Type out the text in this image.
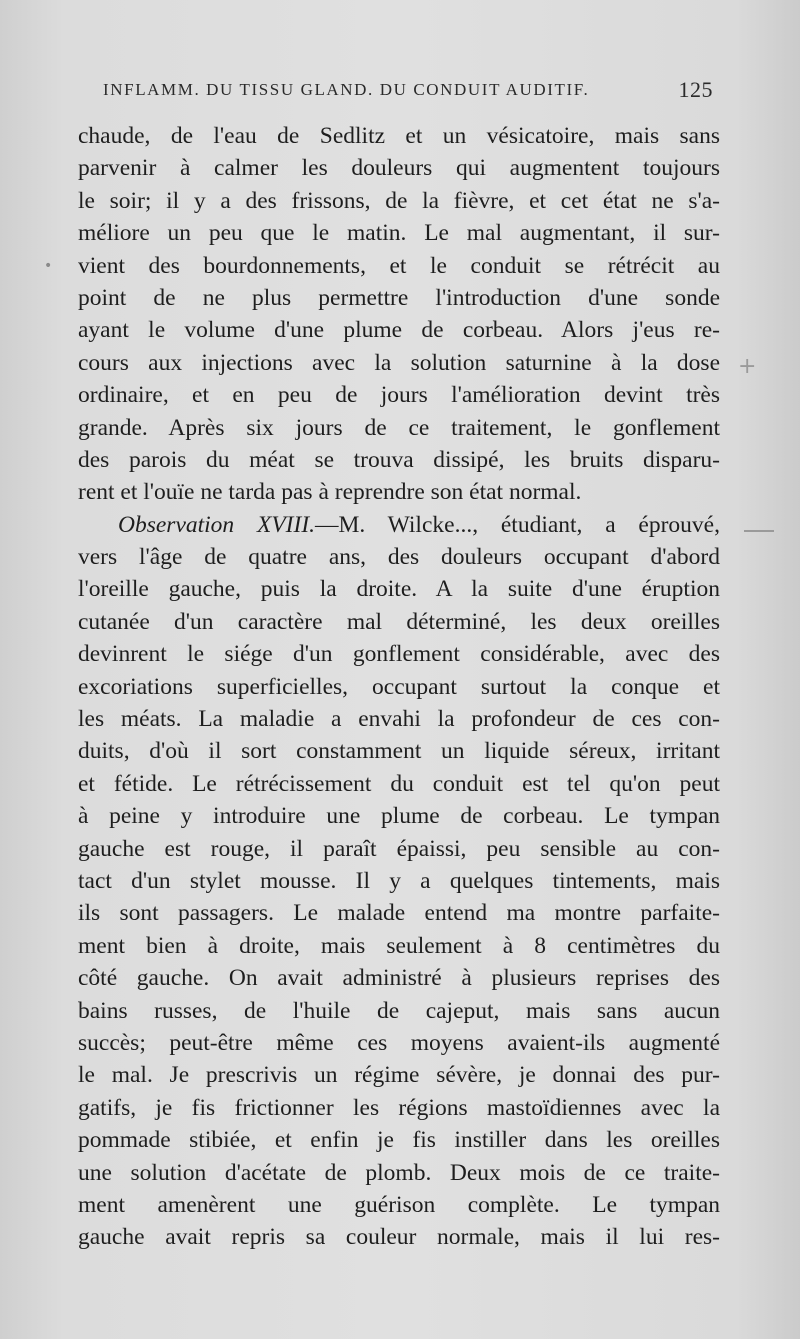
INFLAMM. DU TISSU GLAND. DU CONDUIT AUDITIF.	125
chaude, de l'eau de Sedlitz et un vésicatoire, mais sans
parvenir à calmer les douleurs qui augmentent toujours
le soir; il y a des frissons, de la fièvre, et cet état ne s'a-
méliore un peu que le matin. Le mal augmentant, il sur-
vient des bourdonnements, et le conduit se rétrécit au
point de ne plus permettre l'introduction d'une sonde
ayant le volume d'une plume de corbeau. Alors j'eus re-
cours aux injections avec la solution saturnine à la dose
ordinaire, et en peu de jours l'amélioration devint très
grande. Après six jours de ce traitement, le gonflement
des parois du méat se trouva dissipé, les bruits disparu-
rent et l'ouïe ne tarda pas à reprendre son état normal.
Observation XVIII.—M. Wilcke..., étudiant, a éprouvé,
vers l'âge de quatre ans, des douleurs occupant d'abord
l'oreille gauche, puis la droite. A la suite d'une éruption
cutanée d'un caractère mal déterminé, les deux oreilles
devinrent le siége d'un gonflement considérable, avec des
excoriations superficielles, occupant surtout la conque et
les méats. La maladie a envahi la profondeur de ces con-
duits, d'où il sort constamment un liquide séreux, irritant
et fétide. Le rétrécissement du conduit est tel qu'on peut
à peine y introduire une plume de corbeau. Le tympan
gauche est rouge, il paraît épaissi, peu sensible au con-
tact d'un stylet mousse. Il y a quelques tintements, mais
ils sont passagers. Le malade entend ma montre parfaite-
ment bien à droite, mais seulement à 8 centimètres du
côté gauche. On avait administré à plusieurs reprises des
bains russes, de l'huile de cajeput, mais sans aucun
succès; peut-être même ces moyens avaient-ils augmenté
le mal. Je prescrivis un régime sévère, je donnai des pur-
gatifs, je fis frictionner les régions mastoïdiennes avec la
pommade stibiée, et enfin je fis instiller dans les oreilles
une solution d'acétate de plomb. Deux mois de ce traite-
ment amenèrent une guérison complète. Le tympan
gauche avait repris sa couleur normale, mais il lui res-
•
+
